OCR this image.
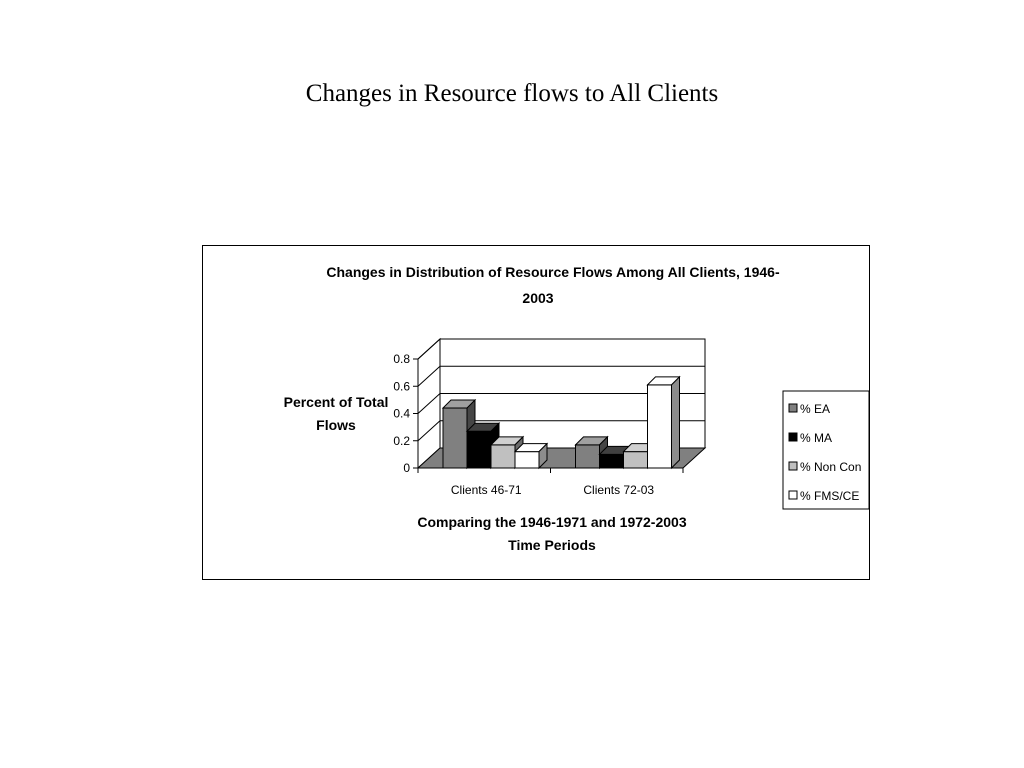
Changes in Resource flows to All Clients
Changes in Distribution of Resource Flows Among All Clients, 1946-
2003
Percent of Total
Flows
Comparing the 1946-1971 and 1972-2003
Time Periods
0
0.2
0.4
0.6
0.8
Clients 46-71	Clients 72-03
% EA
% MA
% Non Con
% FMS/CE
